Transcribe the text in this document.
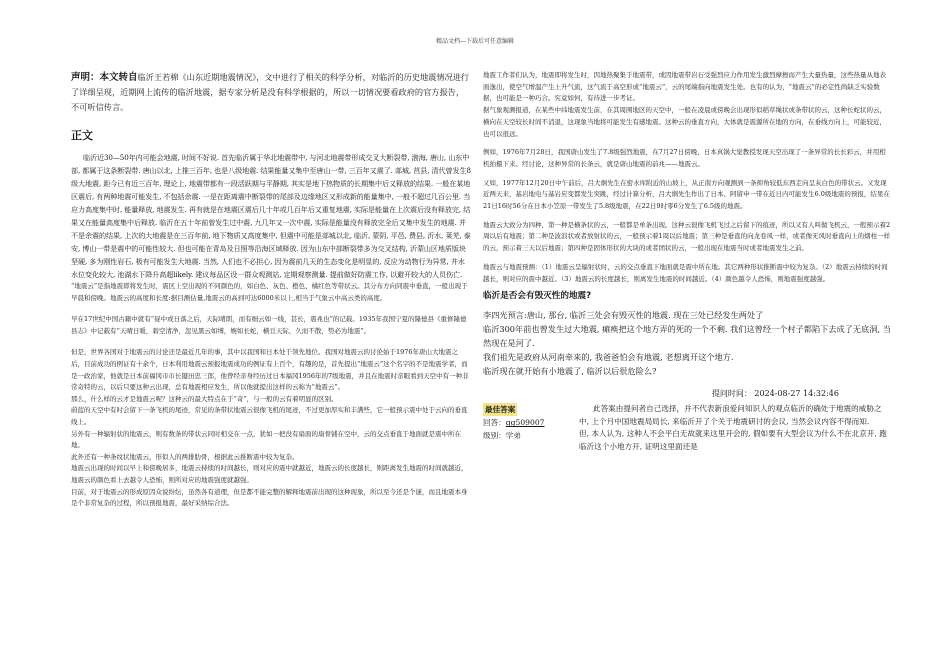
精品文档---下载后可任意编辑

声明：本文转自临沂王若棉《山东近期地震情况》，文中进行了相关的科学分析，对临沂的历史地震情况进行了详细呈现，近期网上流传的临沂地震，据专家分析是没有科学根据的，所以一切情况要看政府的官方报告，不可听信传言。

正文

临沂近30—50年内可能会地震, 时间不好说. 首先临沂属于华北地震带中, 与河北地震带形成交叉大断裂带, 渤海, 唐山, 山东中部, 都属于这条断裂带. 唐山以北, 上推三百年, 也是八级地震. 结果能量又集中至唐山一带, 三百年又震了. 郯城, 莒县, 清代曾发生8级大地震, 距今已有近三百年, 理论上, 地震带都有一段活跃期与平静期, 其实是地下热物质的长期集中后又释放的结果. 一般在某地区震后, 有两种地震可能发生, 不包括余震. 一是在距离震中断裂带的尾部及边缘地区又形成新的能量集中, 一般不超过几百公里. 当应力高度集中时, 能量释放, 地震发生. 再有就是在地震区震后几十年或几百年后又重复地震, 实际是能量在上次震后没有释放完, 结果又在能量高度集中后释放. 临沂在五十年前曾发生过中震, 九几年又一次中震, 实际是能量没有释放完全后又集中发生的地震. 并不是余震的结果, 上次的大地震是在三百年前, 地下物质又高度集中, 但震中可能是郯城以北, 临沂, 蒙阴, 平邑, 费县, 沂水, 莱芜, 泰安, 博山一带是震中的可能性较大. 但也可能在青岛及日照等沿海区域释放. 因为山东中部断裂带多为交叉结构, 沂蒙山区地质版块坚硬, 多为刚性岩石, 极有可能发生大地震. 当然, 人们也不必担心, 因为震前几天的生态变化是明显的, 反应为动物行为异常, 井水水位变化较大, 池湖水下降升高超likely. 建议每品区设一群众观测站, 定期观察测量. 提前做好防震工作, 以避开较大的人员伤亡.

“地震云”是指地震即将发生时，震区上空出现的不同颜色的，如白色、灰色、橙色、橘红色等带状云。其分布方向同震中垂直，一般出现于早晨和傍晚。地震云的高度和长度:据目测估量,地震云的高到可达6000米以上,相当于气象云中高云类的高度。

早在17世纪中国古籍中就有“昼中或日落之后，天际晴朗，而有细云如一线，甚长，震兆也”的记载。1935年我国宁夏的隆德县《重修隆德县志》中记载有“天晴日暖，碧空清净，忽见黑云如缚，婉如长蛇，横亘天际，久而不散，势必为地震”。

但是，世界各国对于地震云的讨论还是最近几年的事，其中以我国和日本处于领先地位。我国对地震云的讨论始于1976年唐山大地震之后，目前成功的例证有十余个，日本利用地震云预报地震成功的例证有上百个，有趣的是，首先提出“地震云”这个名字的不是地震学者，而是一政治家，他就是日本前福冈市市长键田忠三郎，他曾经亲身经历过日本福冈1956年的7级地震，并且在地震时亲眼看到天空中有一种非常奇特的云，以后只要这种云出现，总有地震相应发生，所以他就提出这样的云称为“地震云”。

那么，什么样的云才是地震云呢？这种云的最大特点在于“奇”，与一般的云有着明显的区别。

蔚蓝的天空中有时会留下一条飞机的尾迹，常见的条带状地震云很像飞机的尾迹，不过更加厚实和丰满些，它一般预示震中处于云向的垂直线上。

另外有一种辐射状的地震云，则有数条的带状云同时相交在一点，犹如一把没有扇面的扇骨铺在空中，云的交点垂直于地面就是震中所在地。

此外还有一种条纹状地震云，形似人的两排肋骨，根据此云推断震中较为复杂。

地震云出现的时间以早上和傍晚居多，地震云持续的时间越长，则对应的震中就越近，地震云的长度越长，则距离发生地震的时间就越近，地震云的颜色看上去越令人恐怖，则所对应的地震强度就越强。

目前，对于地震云的形成原因众说纷纭，虽然各有道理，但是都不能完整的解释地震前出现的这种现象，所以至今还是个谜，而且地震本身是个非常复杂的过程，所以预报地震，最好采纳综合法。

地震工作者们认为，地震即将发生时，因地热聚集于地震带，或因地震带岩石受强烈应力作用发生激烈摩擦而产生大量热量，这些热量从地表面逸出，使空气增温产生上升气流，这气流于高空形成“地震云”，云的尾端指向地震发生处。也有的认为，“地震云”的必定性尚缺乏实验数据，也可能是一种巧合。究竟如何，有待进一步考证。

据气象观测报道，在某些中纬地震发生前，在其周围地区的天空中，一般在凌晨或傍晚会出现形似稻草绳状或条带状的云，这种长蛇状的云，横向在天空较长时间不消退，这现象当地将可能发生有感地震。这种云的垂直方向，大体就是震源所在地的方向，在垂线方向上，可能较近，也可以很远。

例如，1976年7月28日，我国唐山发生了7.8级强烈地震，在7月27日傍晚，日本真锅大觉教授发现天空出现了一条异常的长长彩云，并用相机拍摄下来。经讨论，这种异常的长条云，就是唐山地震的前兆——地震云。

又如，1977年12月20日中午前后，吕大炯先生在密水库附近的山坡上，从正南方向观测到一条抑角较低东西走向呈灰白色的带状云。又发现近两天来，基岩地电与基岩应变都发生突跳，经过计算分析，吕大炯先生作出了日本、阿留申一带在近日内可能发生6.0级地震的预报，结果在21日16时56分在日本小笠原一带发生了5.8级地震，在22日9时零6分发生了6.5级的地震。

地震云大致分为四种，第一种是横条状的云，一般都是单条出现。这种云很像飞机飞过之后留下的痕迹，所以又有人叫做飞机云，一般预示着2周以后有地震；第二种是波浪状或者放射状的云，一般预示着1周以后地震；第三种是垂直的向龙卷风一样，或者像无风时垂直向上的烟柱一样的云，预示着三天以后地震；第四种是固体形状的大块的或者团状的云，一般出现在地震当时或者地震发生之前。

地震云与地震预测：（1）地震云呈辐射状时，云的交点垂直下地面就是震中所在地。其它两种形状推断震中较为复杂。（2）地震云持续的时间越长，则对应的震中越近。（3）地震云的长度越长，则离发生地震的时间越近。（4）颜色越令人恐怖，则地震强度越强。

临沂是否会有毁灭性的地震?

李四光预言:唐山, 那台, 临沂三处会有毁灭性的地震. 现在三处已经发生两处了
临沂300年前也曾发生过大地震, 瘫痪把这个地方弄的死的一个不剩. 我们这曾经一个村子都陷下去成了无底洞, 当然现在是河了.
我们祖先是政府从河南牵来的, 我爸爸怕会有地震, 老想离开这个地方.
临沂现在就开始有小地震了, 临沂以后很危险么?

提问时间： 2024-08-27 14:32:46
最佳答案
回答：gg509007
级别：学弟
此答案由提问者自己选择，并不代表新浪爱问知识人的观点临沂的确处于地震的威胁之中, 上个月中国地震局局长, 来临沂开了个关于地震研讨的会议, 当然会议内容不得而知.
但, 本人认为, 这种人不会平白无故就来这里开会的, 假如要有大型会议为什么不在北京开, 跑临沂这个小地方开, 证明这里面还是
